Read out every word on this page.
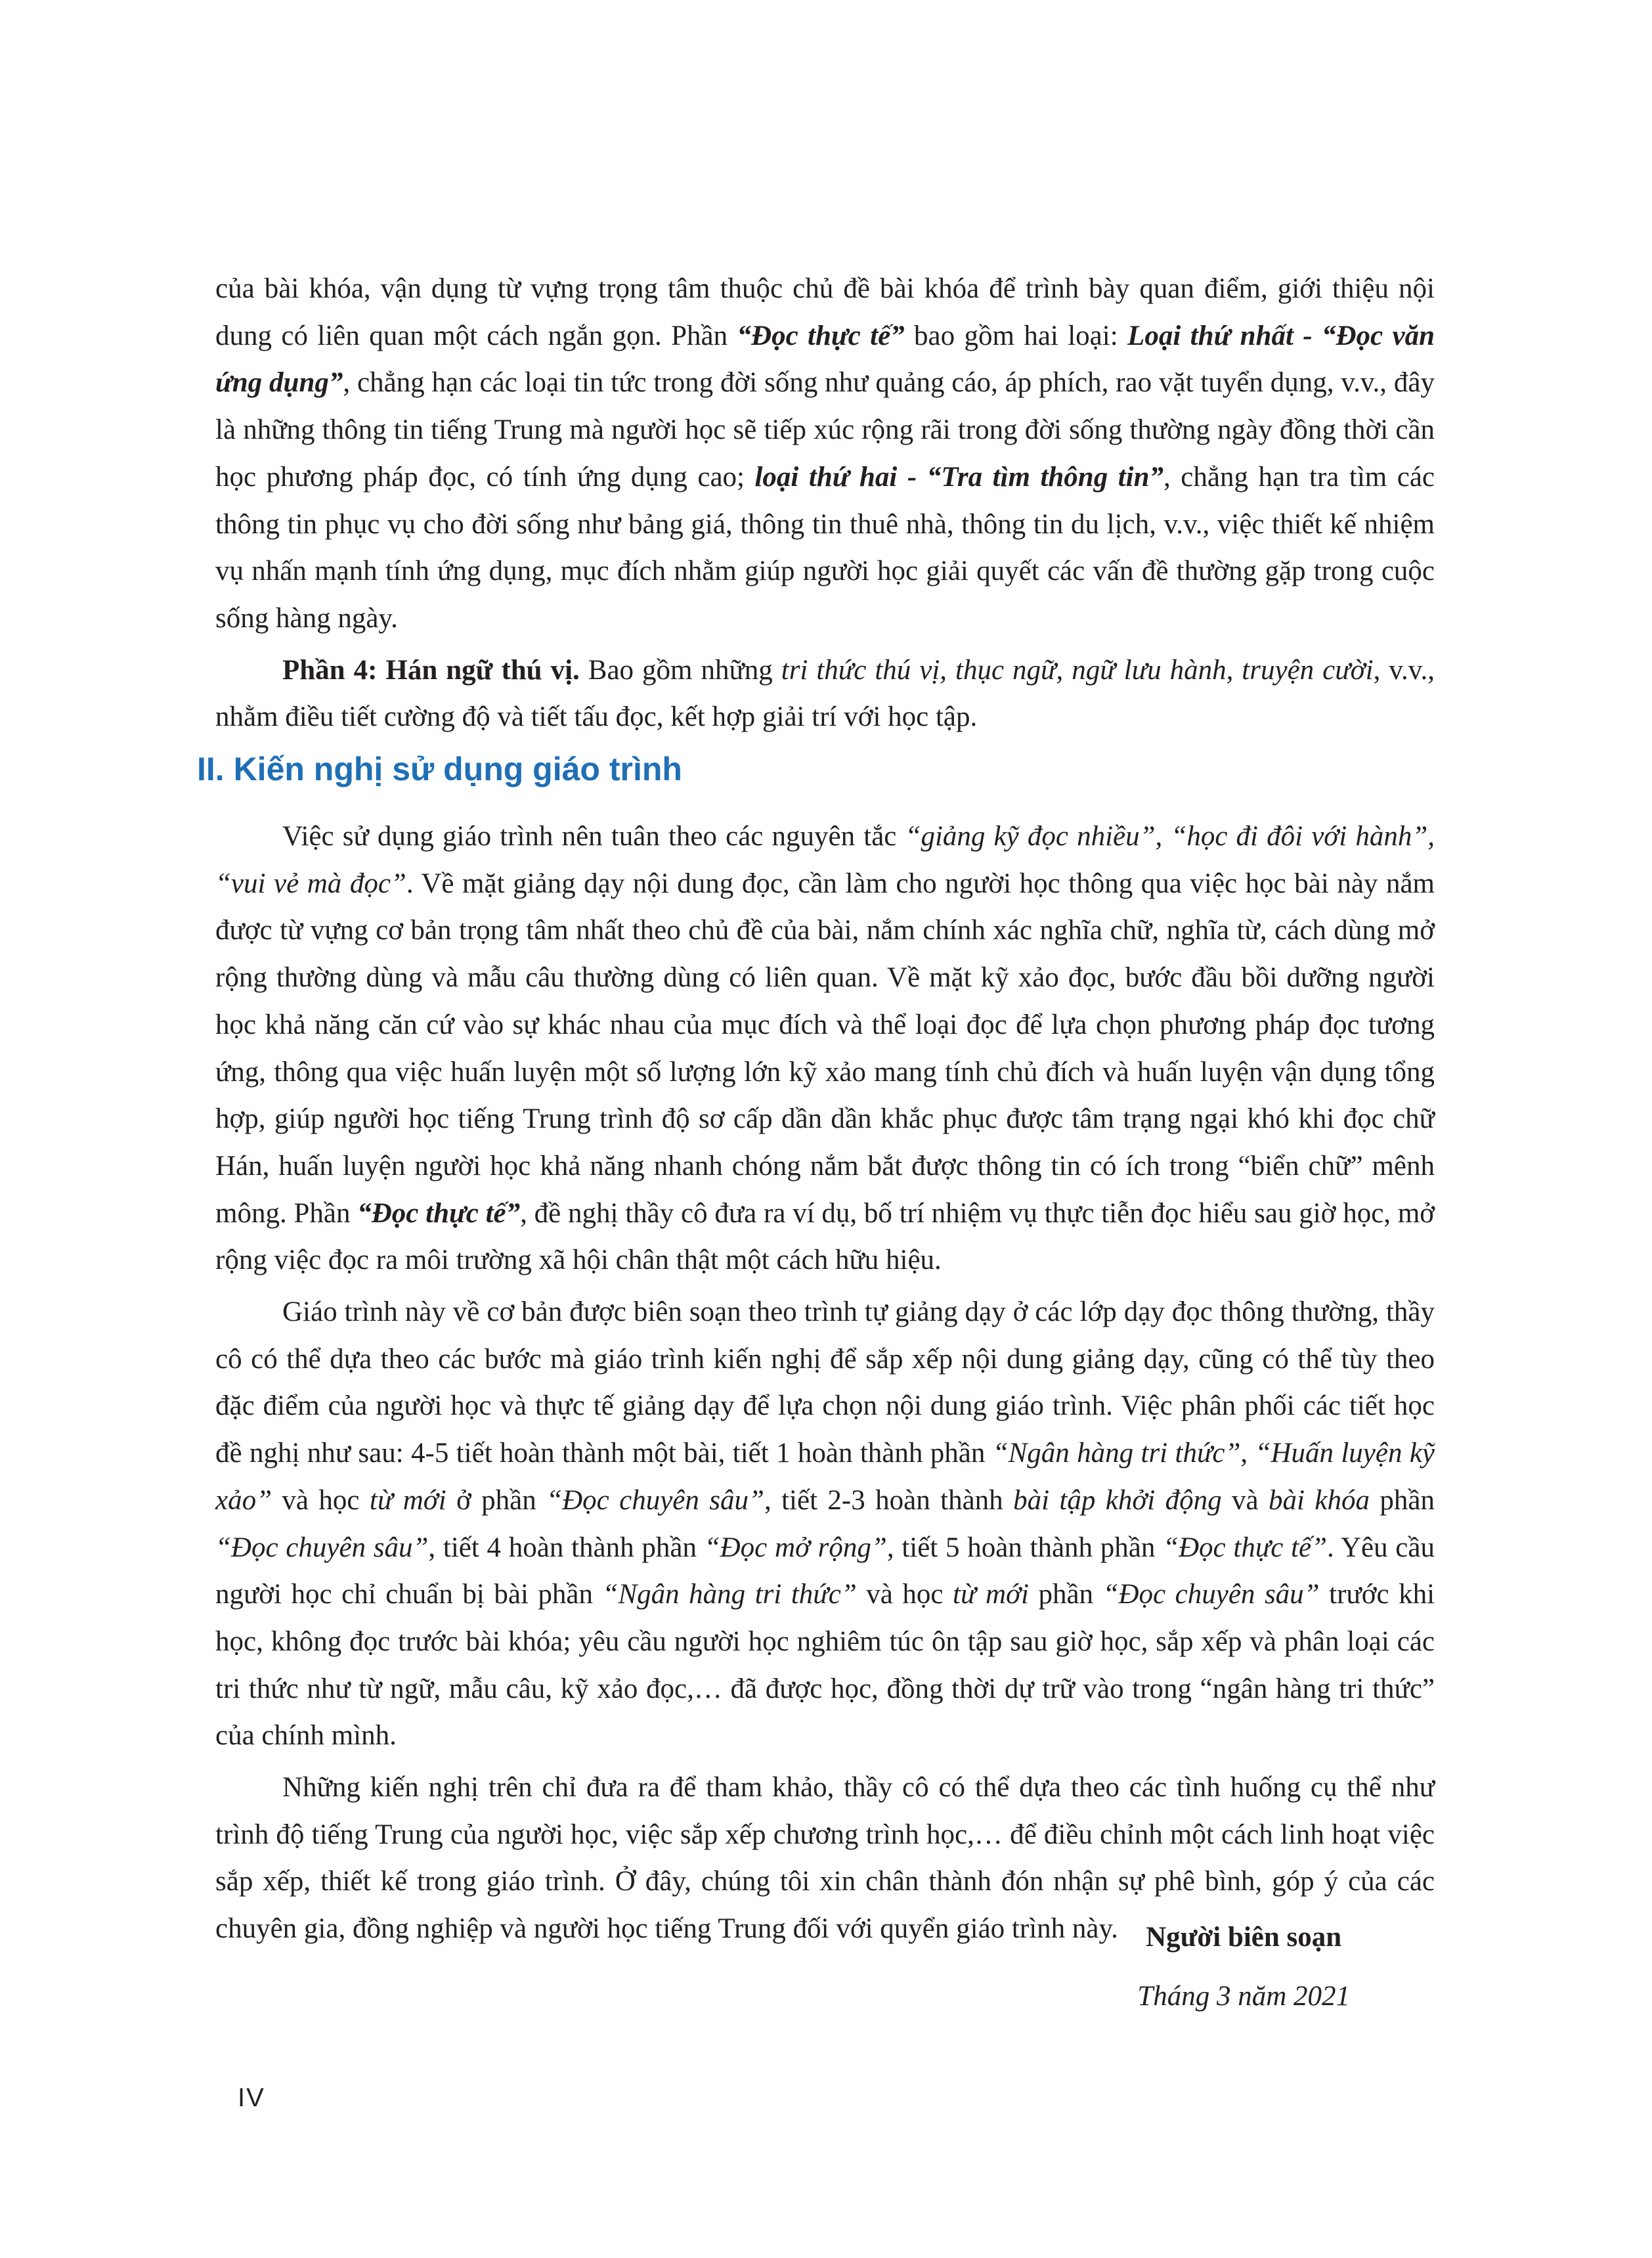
của bài khóa, vận dụng từ vựng trọng tâm thuộc chủ đề bài khóa để trình bày quan điểm, giới thiệu nội dung có liên quan một cách ngắn gọn. Phần “Đọc thực tế” bao gồm hai loại: Loại thứ nhất - “Đọc văn ứng dụng”, chẳng hạn các loại tin tức trong đời sống như quảng cáo, áp phích, rao vặt tuyển dụng, v.v., đây là những thông tin tiếng Trung mà người học sẽ tiếp xúc rộng rãi trong đời sống thường ngày đồng thời cần học phương pháp đọc, có tính ứng dụng cao; loại thứ hai - “Tra tìm thông tin”, chẳng hạn tra tìm các thông tin phục vụ cho đời sống như bảng giá, thông tin thuê nhà, thông tin du lịch, v.v., việc thiết kế nhiệm vụ nhấn mạnh tính ứng dụng, mục đích nhằm giúp người học giải quyết các vấn đề thường gặp trong cuộc sống hàng ngày.

Phần 4: Hán ngữ thú vị. Bao gồm những tri thức thú vị, thục ngữ, ngữ lưu hành, truyện cười, v.v., nhằm điều tiết cường độ và tiết tấu đọc, kết hợp giải trí với học tập.

II. Kiến nghị sử dụng giáo trình

Việc sử dụng giáo trình nên tuân theo các nguyên tắc “giảng kỹ đọc nhiều”, “học đi đôi với hành”, “vui vẻ mà đọc”. Về mặt giảng dạy nội dung đọc, cần làm cho người học thông qua việc học bài này nắm được từ vựng cơ bản trọng tâm nhất theo chủ đề của bài, nắm chính xác nghĩa chữ, nghĩa từ, cách dùng mở rộng thường dùng và mẫu câu thường dùng có liên quan. Về mặt kỹ xảo đọc, bước đầu bồi dưỡng người học khả năng căn cứ vào sự khác nhau của mục đích và thể loại đọc để lựa chọn phương pháp đọc tương ứng, thông qua việc huấn luyện một số lượng lớn kỹ xảo mang tính chủ đích và huấn luyện vận dụng tổng hợp, giúp người học tiếng Trung trình độ sơ cấp dần dần khắc phục được tâm trạng ngại khó khi đọc chữ Hán, huấn luyện người học khả năng nhanh chóng nắm bắt được thông tin có ích trong “biển chữ” mênh mông. Phần “Đọc thực tế”, đề nghị thầy cô đưa ra ví dụ, bố trí nhiệm vụ thực tiễn đọc hiểu sau giờ học, mở rộng việc đọc ra môi trường xã hội chân thật một cách hữu hiệu.

Giáo trình này về cơ bản được biên soạn theo trình tự giảng dạy ở các lớp dạy đọc thông thường, thầy cô có thể dựa theo các bước mà giáo trình kiến nghị để sắp xếp nội dung giảng dạy, cũng có thể tùy theo đặc điểm của người học và thực tế giảng dạy để lựa chọn nội dung giáo trình. Việc phân phối các tiết học đề nghị như sau: 4-5 tiết hoàn thành một bài, tiết 1 hoàn thành phần “Ngân hàng tri thức”, “Huấn luyện kỹ xảo” và học từ mới ở phần “Đọc chuyên sâu”, tiết 2-3 hoàn thành bài tập khởi động và bài khóa phần “Đọc chuyên sâu”, tiết 4 hoàn thành phần “Đọc mở rộng”, tiết 5 hoàn thành phần “Đọc thực tế”. Yêu cầu người học chỉ chuẩn bị bài phần “Ngân hàng tri thức” và học từ mới phần “Đọc chuyên sâu” trước khi học, không đọc trước bài khóa; yêu cầu người học nghiêm túc ôn tập sau giờ học, sắp xếp và phân loại các tri thức như từ ngữ, mẫu câu, kỹ xảo đọc,… đã được học, đồng thời dự trữ vào trong “ngân hàng tri thức” của chính mình.

Những kiến nghị trên chỉ đưa ra để tham khảo, thầy cô có thể dựa theo các tình huống cụ thể như trình độ tiếng Trung của người học, việc sắp xếp chương trình học,… để điều chỉnh một cách linh hoạt việc sắp xếp, thiết kế trong giáo trình. Ở đây, chúng tôi xin chân thành đón nhận sự phê bình, góp ý của các chuyên gia, đồng nghiệp và người học tiếng Trung đối với quyển giáo trình này. Người biên soạn
Tháng 3 năm 2021
IV
